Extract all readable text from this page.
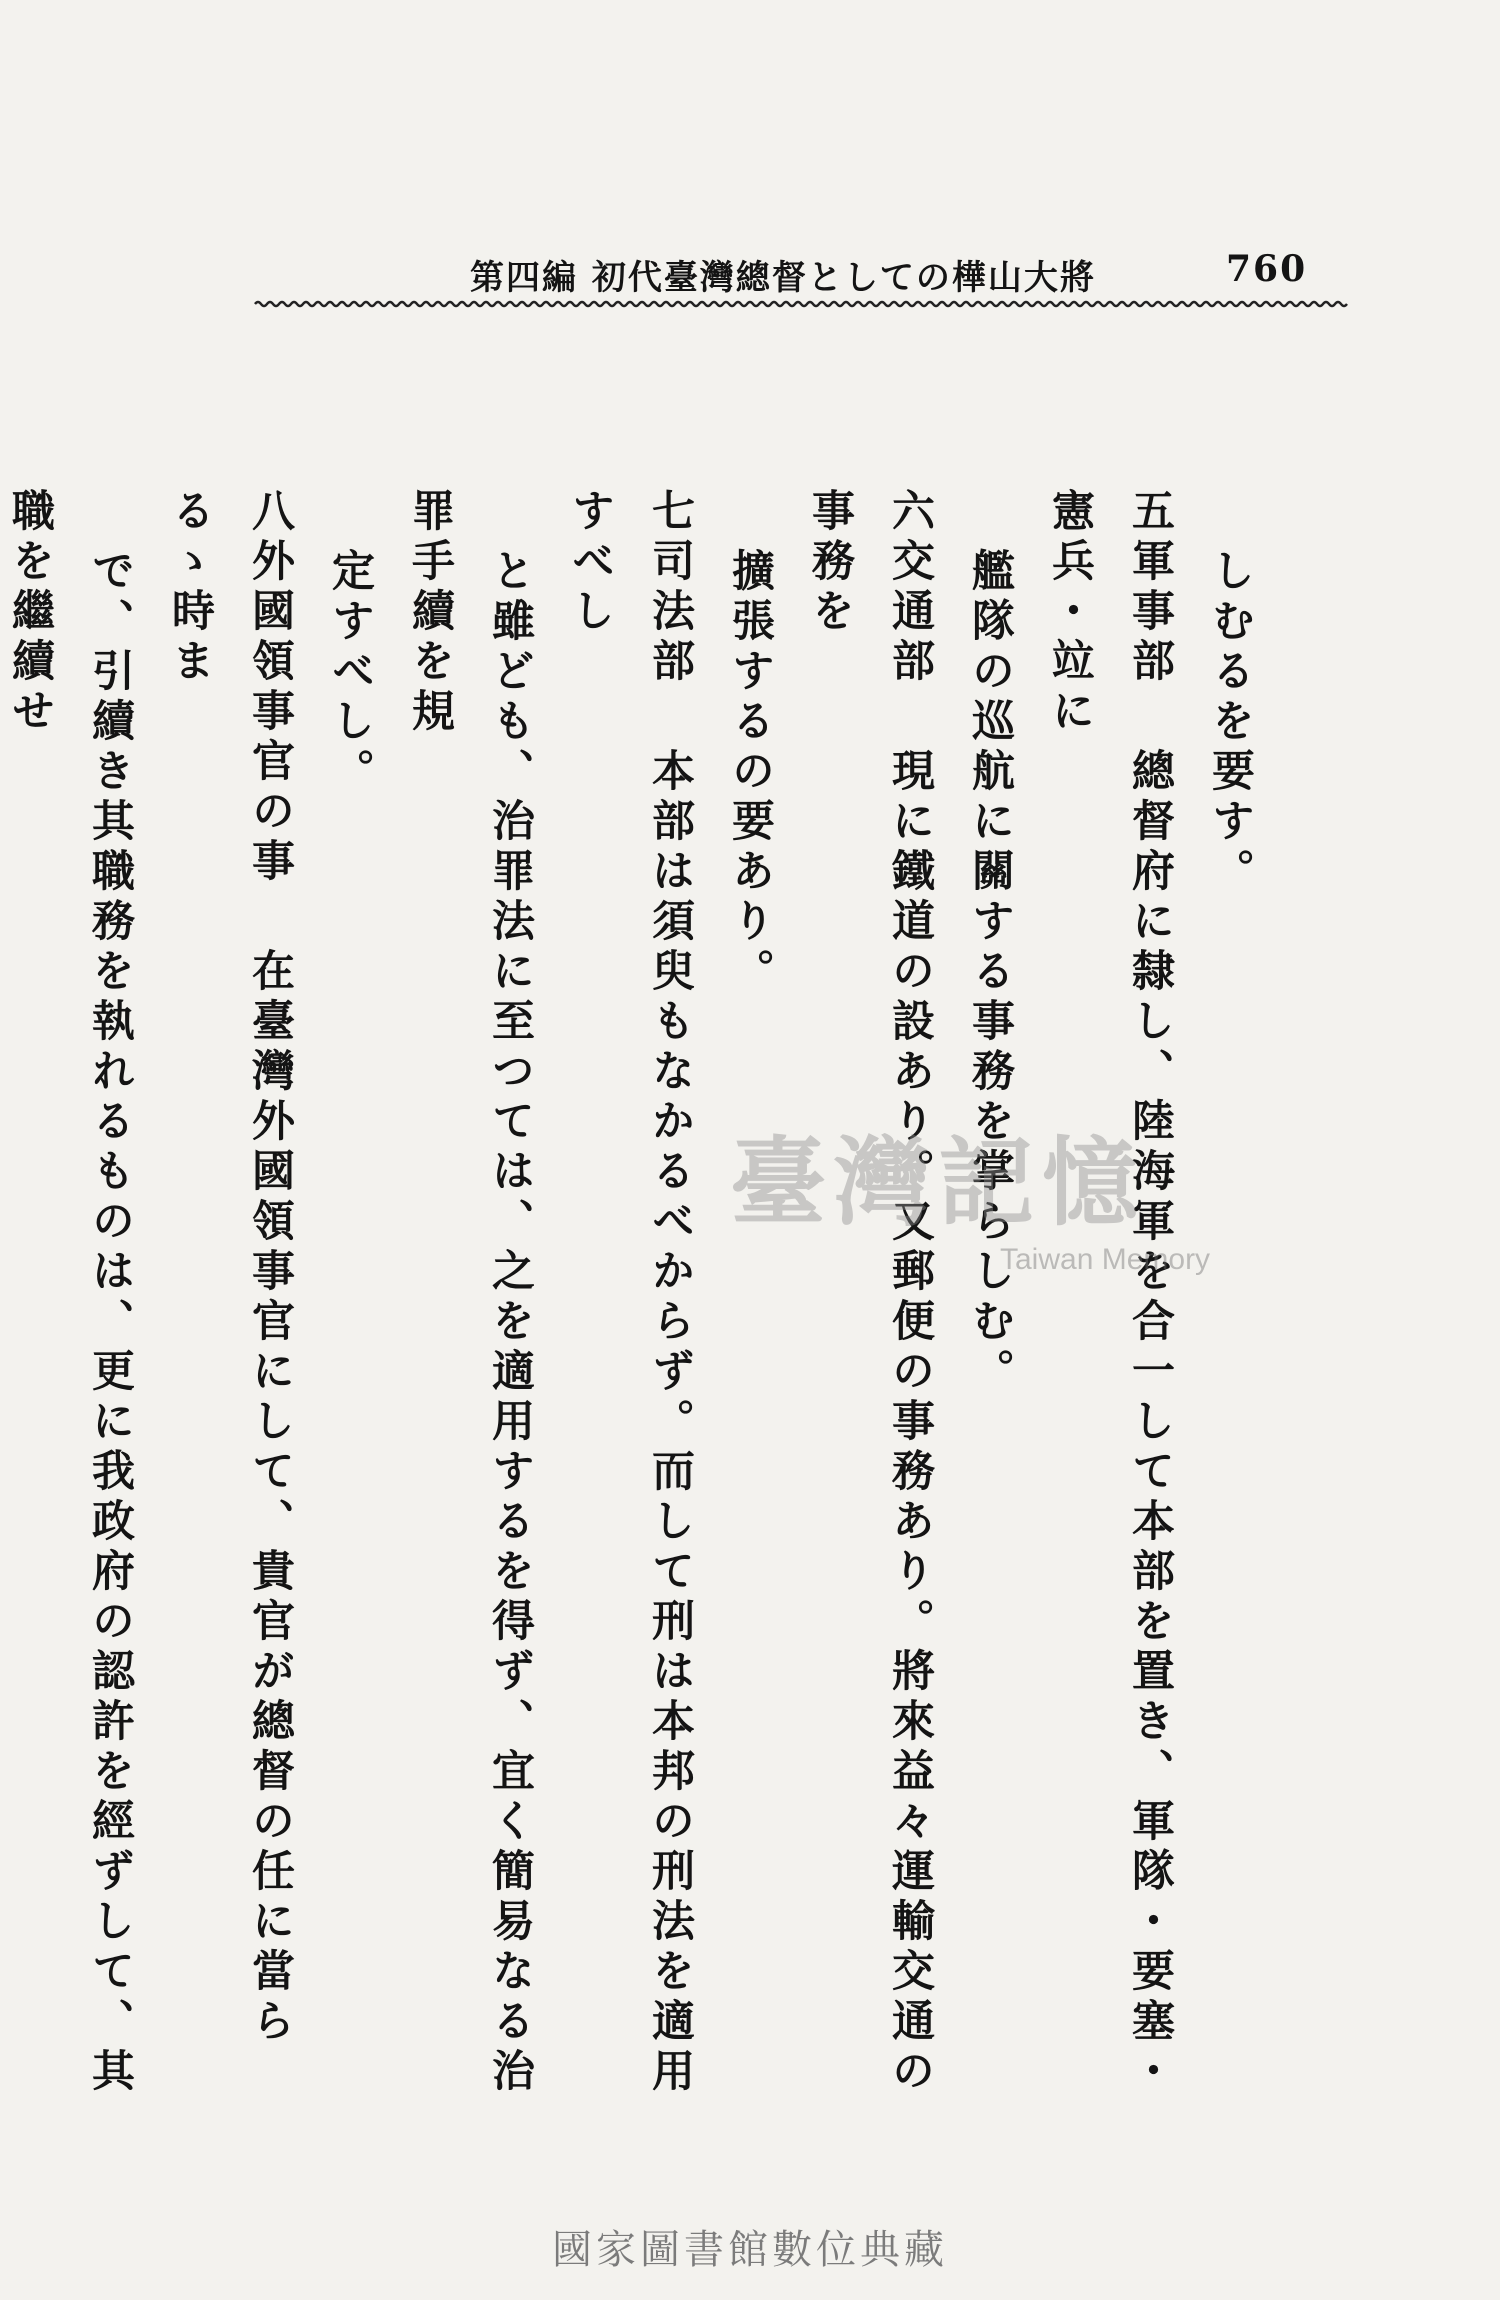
第四編 初代臺灣總督としての樺山大將	760
しむるを要す。
五軍事部總督府に隸し、陸海軍を合一して本部を置き、軍隊・要塞・憲兵・竝に
艦隊の巡航に關する事務を掌らしむ。
六交通部現に鐵道の設あり。又郵便の事務あり。將來益々運輸交通の事務を
擴張するの要あり。
七司法部本部は須臾もなかるべからず。而して刑は本邦の刑法を適用すべし
と雖ども、治罪法に至つては、之を適用するを得ず、宜く簡易なる治罪手續を規
定すべし。
八外國領事官の事在臺灣外國領事官にして、貴官が總督の任に當らるゝ時ま
で、引續き其職務を執れるものは、更に我政府の認許を經ずして、其職を繼續せ
臺灣記憶
Taiwan Memory
國家圖書館數位典藏
